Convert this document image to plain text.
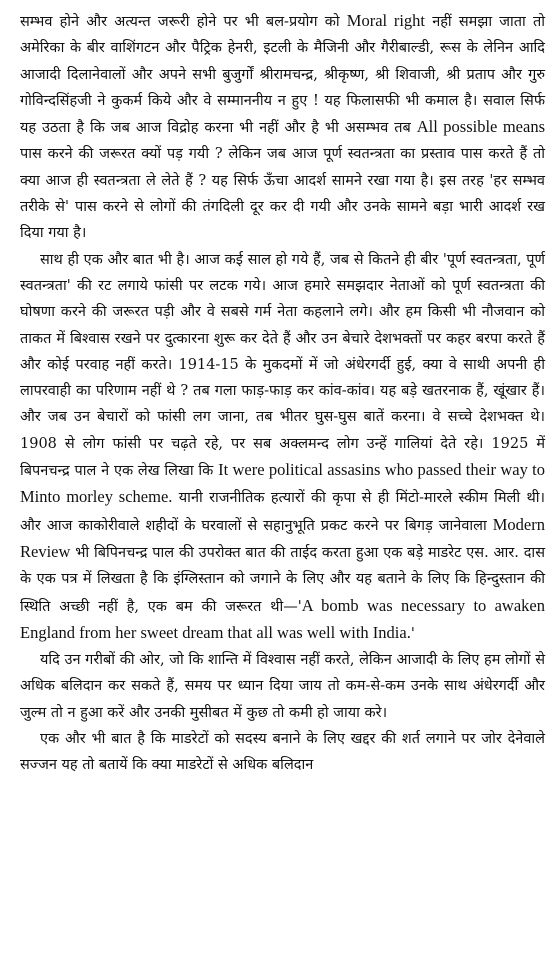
सम्भव होने और अत्यन्त जरूरी होने पर भी बल-प्रयोग को Moral right नहीं समझा जाता तो अमेरिका के बीर वाशिंगटन और पैट्रिक हेनरी, इटली के मैजिनी और गैरीबाल्डी, रूस के लेनिन आदि आजादी दिलानेवालों और अपने सभी बुजुर्गों श्रीरामचन्द्र, श्रीकृष्ण, श्री शिवाजी, श्री प्रताप और गुरु गोविन्दसिंहजी ने कुकर्म किये और वे सम्माननीय न हुए ! यह फिलासफी भी कमाल है। सवाल सिर्फ यह उठता है कि जब आज विद्रोह करना भी नहीं और है भी असम्भव तब All possible means पास करने की जरूरत क्यों पड़ गयी ? लेकिन जब आज पूर्ण स्वतन्त्रता का प्रस्ताव पास करते हैं तो क्या आज ही स्वतन्त्रता ले लेते हैं ? यह सिर्फ ऊँचा आदर्श सामने रखा गया है। इस तरह 'हर सम्भव तरीके से' पास करने से लोगों की तंगदिली दूर कर दी गयी और उनके सामने बड़ा भारी आदर्श रख दिया गया है।

साथ ही एक और बात भी है। आज कई साल हो गये हैं, जब से कितने ही बीर 'पूर्ण स्वतन्त्रता, पूर्ण स्वतन्त्रता' की रट लगाये फांसी पर लटक गये। आज हमारे समझदार नेताओं को पूर्ण स्वतन्त्रता की घोषणा करने की जरूरत पड़ी और वे सबसे गर्म नेता कहलाने लगे। और हम किसी भी नौजवान को ताकत में बिश्वास रखने पर दुत्कारना शुरू कर देते हैं और उन बेचारे देशभक्तों पर कहर बरपा करते हैं और कोई परवाह नहीं करते। 1914-15 के मुकदमों में जो अंधेरगर्दी हुई, क्या वे साथी अपनी ही लापरवाही का परिणाम नहीं थे ? तब गला फाड़-फाड़ कर कांव-कांव। यह बड़े खतरनाक हैं, खूंखार हैं। और जब उन बेचारों को फांसी लग जाना, तब भीतर घुस-घुस बातें करना। वे सच्चे देशभक्त थे। 1908 से लोग फांसी पर चढ़ते रहे, पर सब अक्लमन्द लोग उन्हें गालियां देते रहे। 1925 में बिपनचन्द्र पाल ने एक लेख लिखा कि It were political assasins who passed their way to Minto morley scheme. यानी राजनीतिक हत्यारों की कृपा से ही मिंटो-मारले स्कीम मिली थी। और आज काकोरीवाले शहीदों के घरवालों से सहानुभूति प्रकट करने पर बिगड़ जानेवाला Modern Review भी बिपिनचन्द्र पाल की उपरोक्त बात की ताईद करता हुआ एक बड़े माडरेट एस. आर. दास के एक पत्र में लिखता है कि इंग्लिस्तान को जगाने के लिए और यह बताने के लिए कि हिन्दुस्तान की स्थिति अच्छी नहीं है, एक बम की जरूरत थी—'A bomb was necessary to awaken England from her sweet dream that all was well with India.'

यदि उन गरीबों की ओर, जो कि शान्ति में विश्वास नहीं करते, लेकिन आजादी के लिए हम लोगों से अधिक बलिदान कर सकते हैं, समय पर ध्यान दिया जाय तो कम-से-कम उनके साथ अंधेरगर्दी और जुल्म तो न हुआ करें और उनकी मुसीबत में कुछ तो कमी हो जाया करे।

एक और भी बात है कि माडरेटों को सदस्य बनाने के लिए खद्दर की शर्त लगाने पर जोर देनेवाले सज्जन यह तो बतायें कि क्या माडरेटों से अधिक बलिदान
